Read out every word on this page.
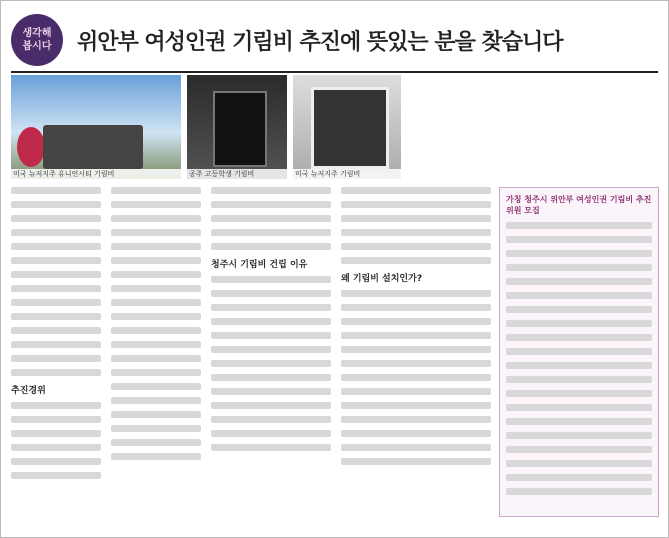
생각해
봅시다 위안부 여성인권 기림비 추진에 뜻있는 분을 찾습니다
미국 뉴저지주 유니언시티 기림비	공주 고등학생 기림비	미국 뉴저지주 기림비
추진경위
청주시 기림비 건립 이유
왜 기림비 설치인가?
가칭 청주시 위안부 여성인권 기림비 추진위원 모집
